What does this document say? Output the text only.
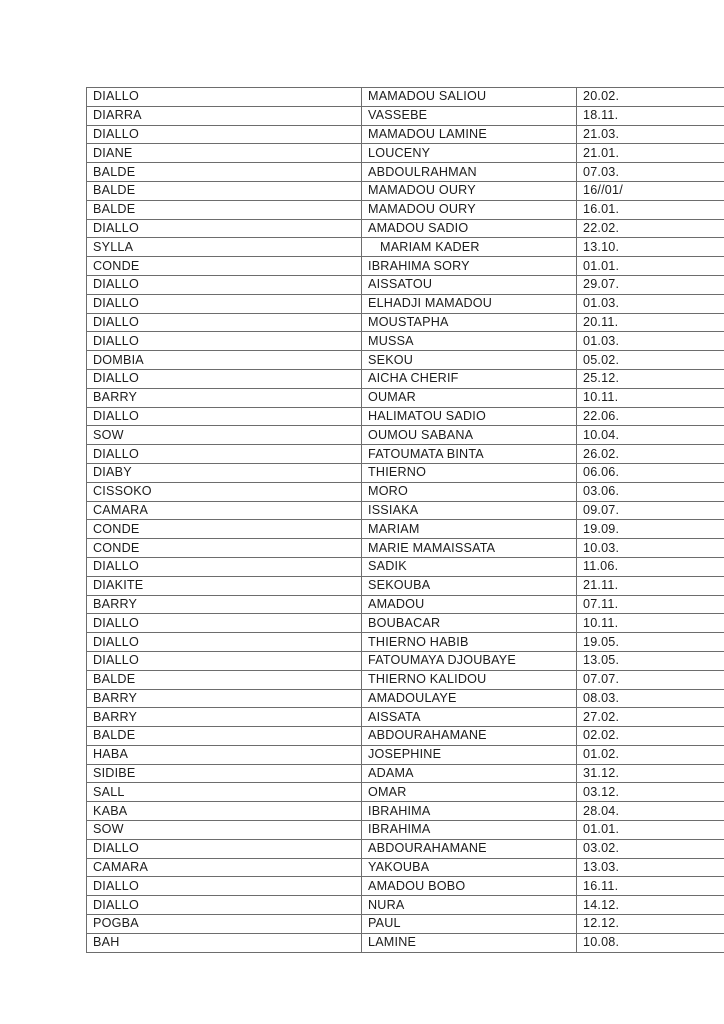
DIALLO	MAMADOU SALIOU	20.02.
DIARRA	VASSEBE	18.11.
DIALLO	MAMADOU LAMINE	21.03.
DIANE	LOUCENY	21.01.
BALDE	ABDOULRAHMAN	07.03.
BALDE	MAMADOU OURY	16//01/
BALDE	MAMADOU OURY	16.01.
DIALLO	AMADOU SADIO	22.02.
SYLLA	MARIAM KADER	13.10.
CONDE	IBRAHIMA SORY	01.01.
DIALLO	AISSATOU	29.07.
DIALLO	ELHADJI MAMADOU	01.03.
DIALLO	MOUSTAPHA	20.11.
DIALLO	MUSSA	01.03.
DOMBIA	SEKOU	05.02.
DIALLO	AICHA CHERIF	25.12.
BARRY	OUMAR	10.11.
DIALLO	HALIMATOU SADIO	22.06.
SOW	OUMOU SABANA	10.04.
DIALLO	FATOUMATA BINTA	26.02.
DIABY	THIERNO	06.06.
CISSOKO	MORO	03.06.
CAMARA	ISSIAKA	09.07.
CONDE	MARIAM	19.09.
CONDE	MARIE MAMAISSATA	10.03.
DIALLO	SADIK	11.06.
DIAKITE	SEKOUBA	21.11.
BARRY	AMADOU	07.11.
DIALLO	BOUBACAR	10.11.
DIALLO	THIERNO HABIB	19.05.
DIALLO	FATOUMAYA DJOUBAYE	13.05.
BALDE	THIERNO KALIDOU	07.07.
BARRY	AMADOULAYE	08.03.
BARRY	AISSATA	27.02.
BALDE	ABDOURAHAMANE	02.02.
HABA	JOSEPHINE	01.02.
SIDIBE	ADAMA	31.12.
SALL	OMAR	03.12.
KABA	IBRAHIMA	28.04.
SOW	IBRAHIMA	01.01.
DIALLO	ABDOURAHAMANE	03.02.
CAMARA	YAKOUBA	13.03.
DIALLO	AMADOU BOBO	16.11.
DIALLO	NURA	14.12.
POGBA	PAUL	12.12.
BAH	LAMINE	10.08.
